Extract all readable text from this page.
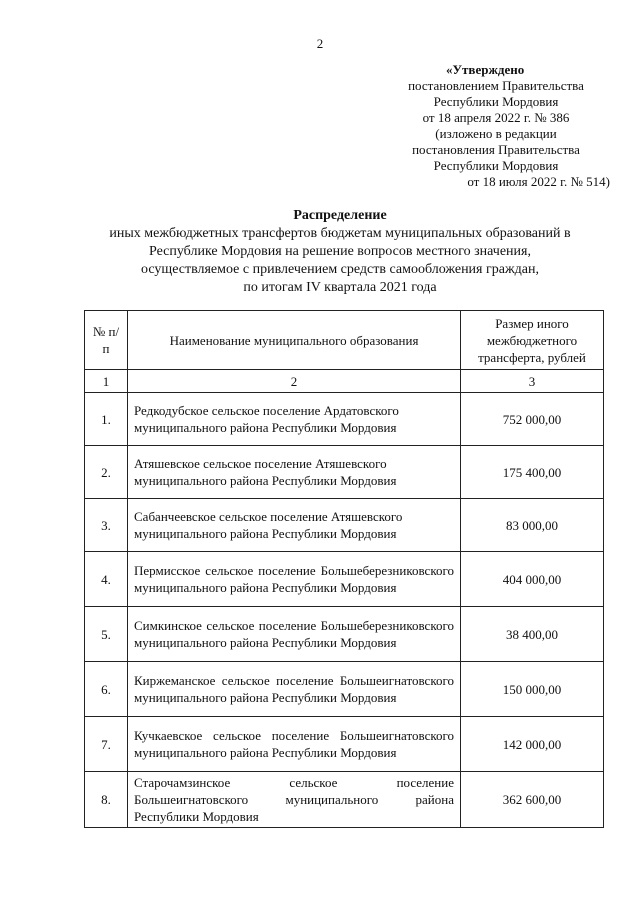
2
«Утверждено
постановлением Правительства
Республики Мордовия
от 18 апреля 2022 г. № 386
(изложено в редакции
постановления Правительства
Республики Мордовия
от 18 июля 2022 г. № 514)
Распределение
иных межбюджетных трансфертов бюджетам муниципальных образований в
Республике Мордовия на решение вопросов местного значения,
осуществляемое с привлечением средств самообложения граждан,
по итогам IV квартала 2021 года
№ п/п	Наименование муниципального образования	Размер иного межбюджетного трансферта, рублей
1	2	3
1.	Редкодубское сельское поселение Ардатовского муниципального района Республики Мордовия	752 000,00
2.	Атяшевское сельское поселение Атяшевского муниципального района Республики Мордовия	175 400,00
3.	Сабанчеевское сельское поселение Атяшевского муниципального района Республики Мордовия	83 000,00
4.	Пермисское сельское поселение Большеберезниковского муниципального района Республики Мордовия	404 000,00
5.	Симкинское сельское поселение Большеберезниковского муниципального района Республики Мордовия	38 400,00
6.	Киржеманское сельское поселение Большеигнатовского муниципального района Республики Мордовия	150 000,00
7.	Кучкаевское сельское поселение Большеигнатовского муниципального района Республики Мордовия	142 000,00
8.	Старочамзинское сельское поселение Большеигнатовского муниципального района Республики Мордовия	362 600,00
